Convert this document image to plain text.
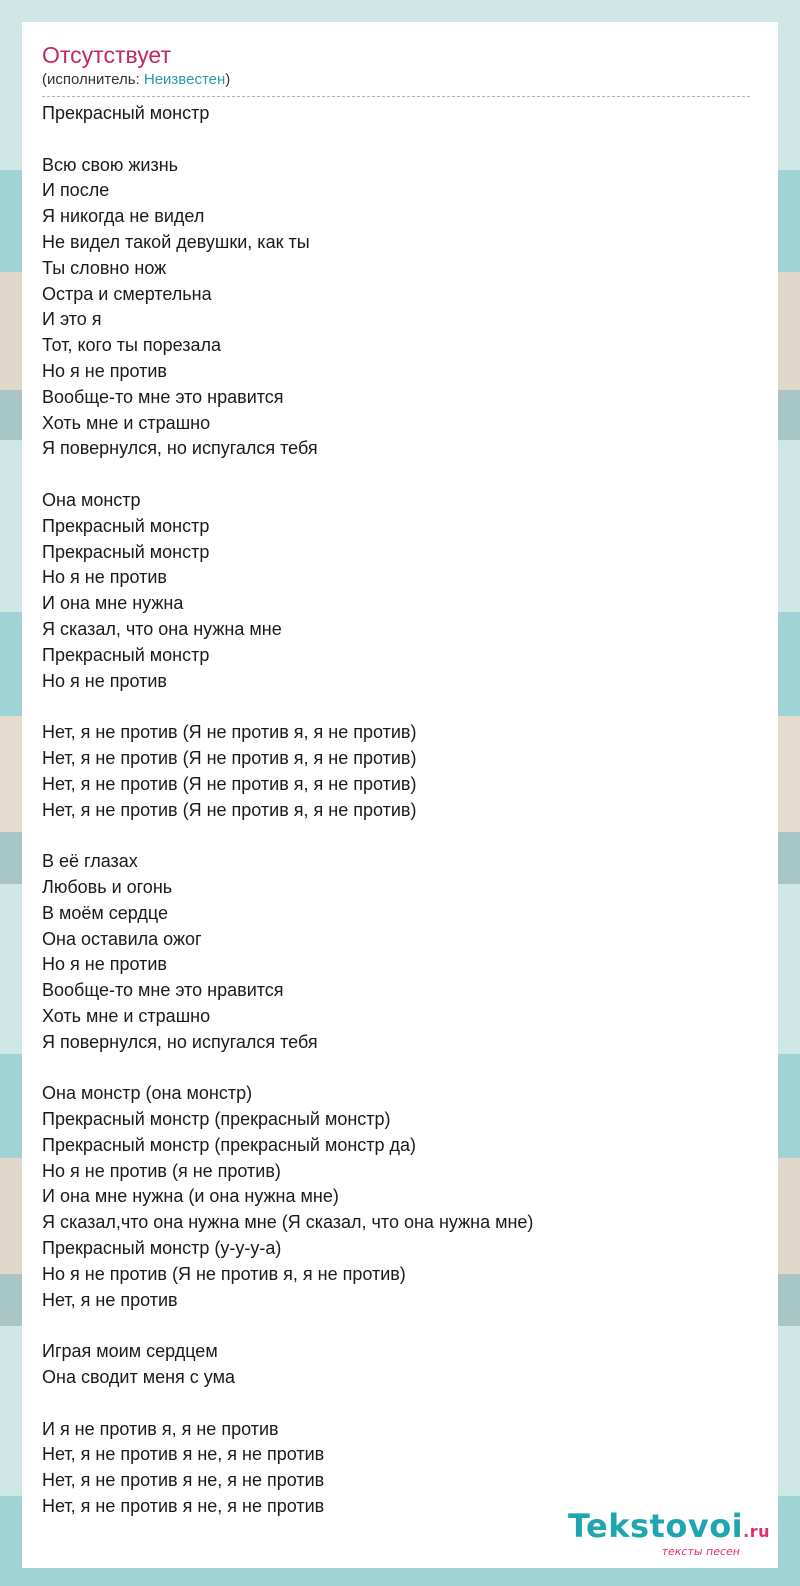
Отсутствует
(исполнитель: Неизвестен)
Прекрасный монстр
Всю свою жизнь
И после
Я никогда не видел
Не видел такой девушки, как ты
Ты словно нож
Остра и смертельна
И это я
Тот, кого ты порезала
Но я не против
Вообще-то мне это нравится
Хоть мне и страшно
Я повернулся, но испугался тебя
Она монстр
Прекрасный монстр
Прекрасный монстр
Но я не против
И она мне нужна
Я сказал, что она нужна мне
Прекрасный монстр
Но я не против
Нет, я не против (Я не против я, я не против)
Нет, я не против (Я не против я, я не против)
Нет, я не против (Я не против я, я не против)
Нет, я не против (Я не против я, я не против)
В её глазах
Любовь и огонь
В моём сердце
Она оставила ожог
Но я не против
Вообще-то мне это нравится
Хоть мне и страшно
Я повернулся, но испугался тебя
Она монстр (она монстр)
Прекрасный монстр (прекрасный монстр)
Прекрасный монстр (прекрасный монстр да)
Но я не против (я не против)
И она мне нужна (и она нужна мне)
Я сказал,что она нужна мне (Я сказал, что она нужна мне)
Прекрасный монстр (у-у-у-а)
Но я не против (Я не против я, я не против)
Нет, я не против
Играя моим сердцем
Она сводит меня с ума
И я не против я, я не против
Нет, я не против я не, я не против
Нет, я не против я не, я не против
Нет, я не против я не, я не против
Tekstovoi.ru
тексты песен
